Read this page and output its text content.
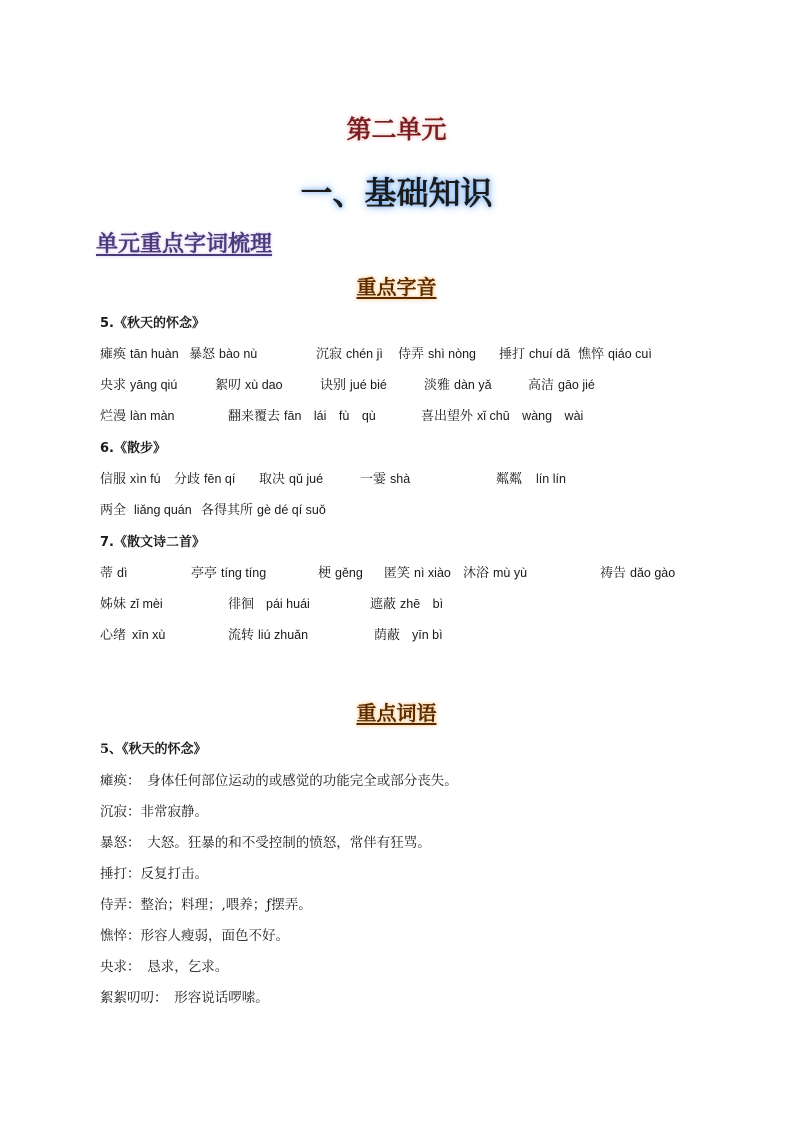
第二单元
一、基础知识
单元重点字词梳理
重点字音
5.《秋天的怀念》
瘫痪 tān huàn 暴怒 bào nù	沉寂 chén jì 侍弄 shì nòng 捶打 chuí dǎ 憔悴 qiáo cuì
央求 yāng qiú	絮叨 xù dao	诀别 jué bié	淡雅 dàn yǎ	高洁 gāo jié
烂漫 làn màn	翻来覆去 fān　lái　fù　qù	喜出望外 xǐ chū　wàng　wài
6.《散步》
信服 xìn fú 分歧 fēn qí 取决 qǔ jué	一霎 shà	粼粼 lín lín
两全 liǎng quán 各得其所 gè dé qí suǒ
7.《散文诗二首》
蒂 dì	亭亭 tíng tíng	梗 gěng 匿笑 nì xiào 沐浴 mù yù	祷告 dǎo gào
姊妹 zǐ mèi	徘徊 pái huái	遮蔽 zhē　bì
心绪 xīn xù	流转 liú zhuǎn	荫蔽 yīn bì
重点词语
5、《秋天的怀念》
瘫痪：　身体任何部位运动的或感觉的功能完全或部分丧失。
沉寂：非常寂静。
暴怒：　大怒。狂暴的和不受控制的愤怒，常伴有狂骂。
捶打：反复打击。
侍弄：整治；料理；,喂养；ƒ摆弄。
憔悴：形容人瘦弱，面色不好。
央求：　恳求，乞求。
絮絮叨叨：　形容说话啰嗦。
